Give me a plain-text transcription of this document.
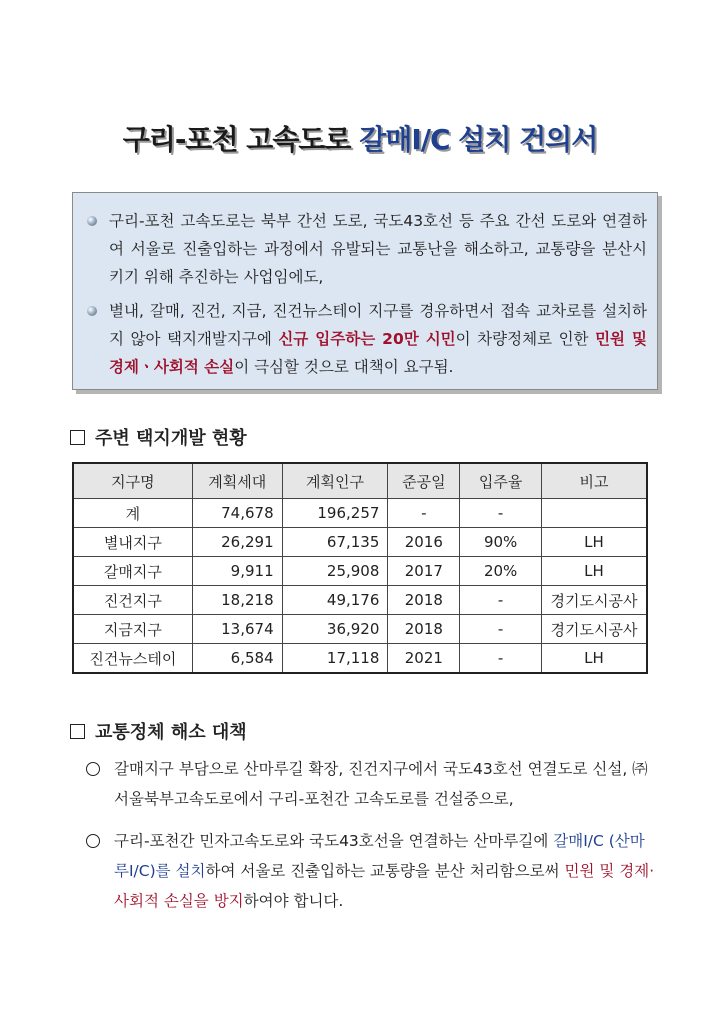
구리-포천 고속도로 갈매I/C 설치 건의서
구리-포천 고속도로는 북부 간선 도로, 국도43호선 등 주요 간선 도로와 연결하여 서울로 진출입하는 과정에서 유발되는 교통난을 해소하고, 교통량을 분산시키기 위해 추진하는 사업임에도,
별내, 갈매, 진건, 지금, 진건뉴스테이 지구를 경유하면서 접속 교차로를 설치하지 않아 택지개발지구에 신규 입주하는 20만 시민이 차량정체로 인한 민원 및 경제ㆍ사회적 손실이 극심할 것으로 대책이 요구됨.
주변 택지개발 현황
지구명	계획세대	계획인구	준공일	입주율	비고
계	74,678	196,257	-	-	
별내지구	26,291	67,135	2016	90%	LH
갈매지구	9,911	25,908	2017	20%	LH
진건지구	18,218	49,176	2018	-	경기도시공사
지금지구	13,674	36,920	2018	-	경기도시공사
진건뉴스테이	6,584	17,118	2021	-	LH
교통정체 해소 대책
갈매지구 부담으로 산마루길 확장, 진건지구에서 국도43호선 연결도로 신설, ㈜서울북부고속도로에서 구리-포천간 고속도로를 건설중으로,
구리-포천간 민자고속도로와 국도43호선을 연결하는 산마루길에 갈매I/C (산마루I/C)를 설치하여 서울로 진출입하는 교통량을 분산 처리함으로써 민원 및 경제·사회적 손실을 방지하여야 합니다.
